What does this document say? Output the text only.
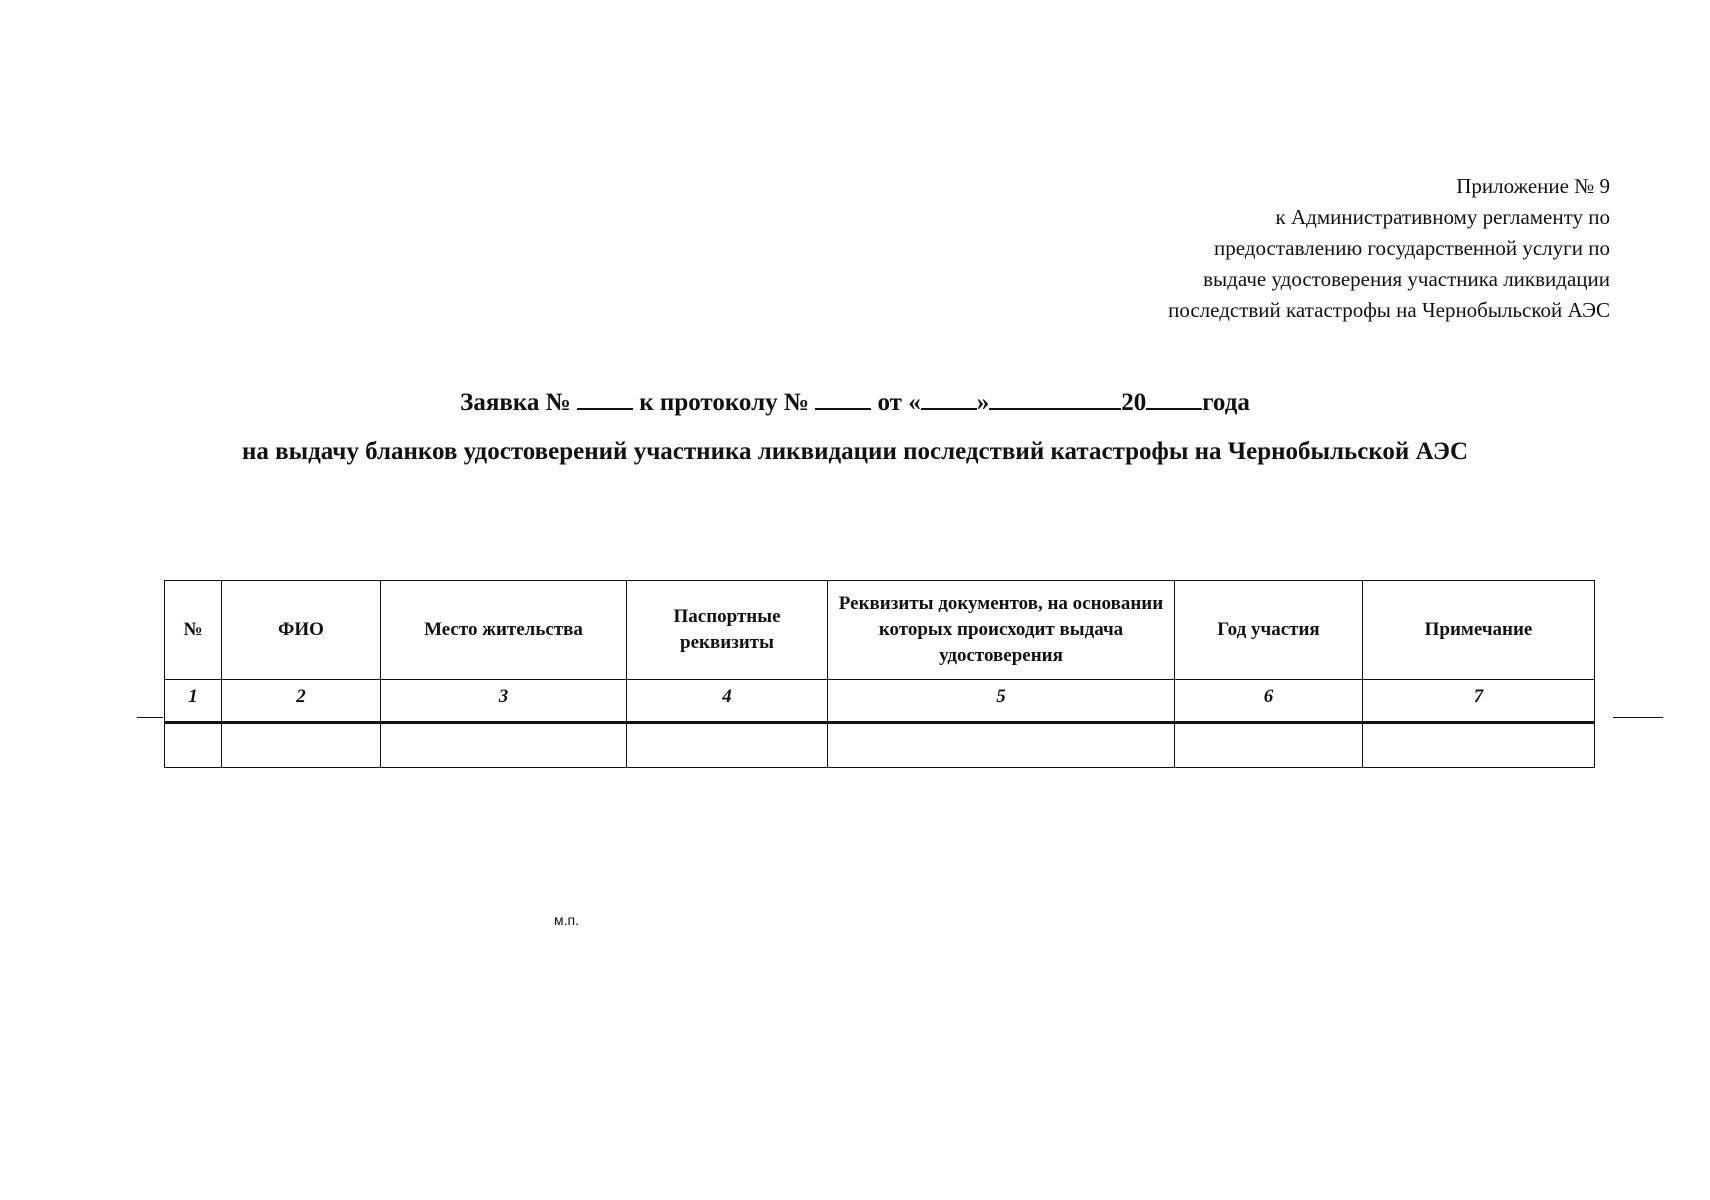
Приложение № 9
к Административному регламенту по
предоставлению государственной услуги по
выдаче удостоверения участника ликвидации
последствий катастрофы на Чернобыльской АЭС
Заявка №	к протоколу №	от « »	20 года
на выдачу бланков удостоверений участника ликвидации последствий катастрофы на Чернобыльской АЭС
№	ФИО	Место жительства	Паспортные реквизиты	Реквизиты документов, на основании которых происходит выдача удостоверения	Год участия	Примечание
1	2	3	4	5	6	7

м.п.
